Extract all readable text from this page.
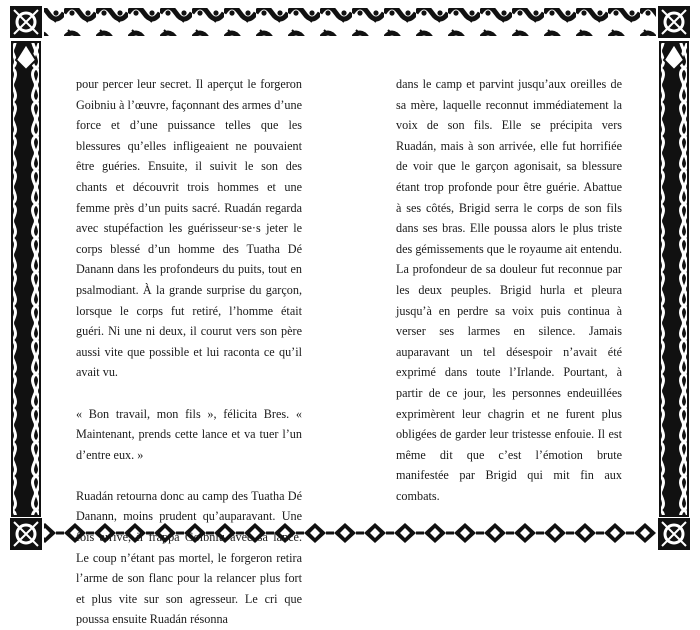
pour percer leur secret. Il aperçut le forgeron Goibniu à l’œuvre, façonnant des armes d’une force et d’une puissance telles que les blessures qu’elles infligeaient ne pouvaient être guéries. Ensuite, il suivit le son des chants et découvrit trois hommes et une femme près d’un puits sacré. Ruadán regarda avec stupéfaction les guérisseur·se·s jeter le corps blessé d’un homme des Tuatha Dé Danann dans les profondeurs du puits, tout en psalmodiant. À la grande surprise du garçon, lorsque le corps fut retiré, l’homme était guéri. Ni une ni deux, il courut vers son père aussi vite que possible et lui raconta ce qu’il avait vu.

« Bon travail, mon fils », félicita Bres. « Maintenant, prends cette lance et va tuer l’un d’entre eux. »

Ruadán retourna donc au camp des Tuatha Dé Danann, moins prudent qu’auparavant. Une fois arrivé, il frappa Goibniu avec sa lance. Le coup n’étant pas mortel, le forgeron retira l’arme de son flanc pour la relancer plus fort et plus vite sur son agresseur. Le cri que poussa ensuite Ruadán résonna

dans le camp et parvint jusqu’aux oreilles de sa mère, laquelle reconnut immédiatement la voix de son fils. Elle se précipita vers Ruadán, mais à son arrivée, elle fut horrifiée de voir que le garçon agonisait, sa blessure étant trop profonde pour être guérie. Abattue à ses côtés, Brigid serra le corps de son fils dans ses bras. Elle poussa alors le plus triste des gémissements que le royaume ait entendu. La profondeur de sa douleur fut reconnue par les deux peuples. Brigid hurla et pleura jusqu’à en perdre sa voix puis continua à verser ses larmes en silence. Jamais auparavant un tel désespoir n’avait été exprimé dans toute l’Irlande. Pourtant, à partir de ce jour, les personnes endeuillées exprimèrent leur chagrin et ne furent plus obligées de garder leur tristesse enfouie. Il est même dit que c’est l’émotion brute manifestée par Brigid qui mit fin aux combats.
